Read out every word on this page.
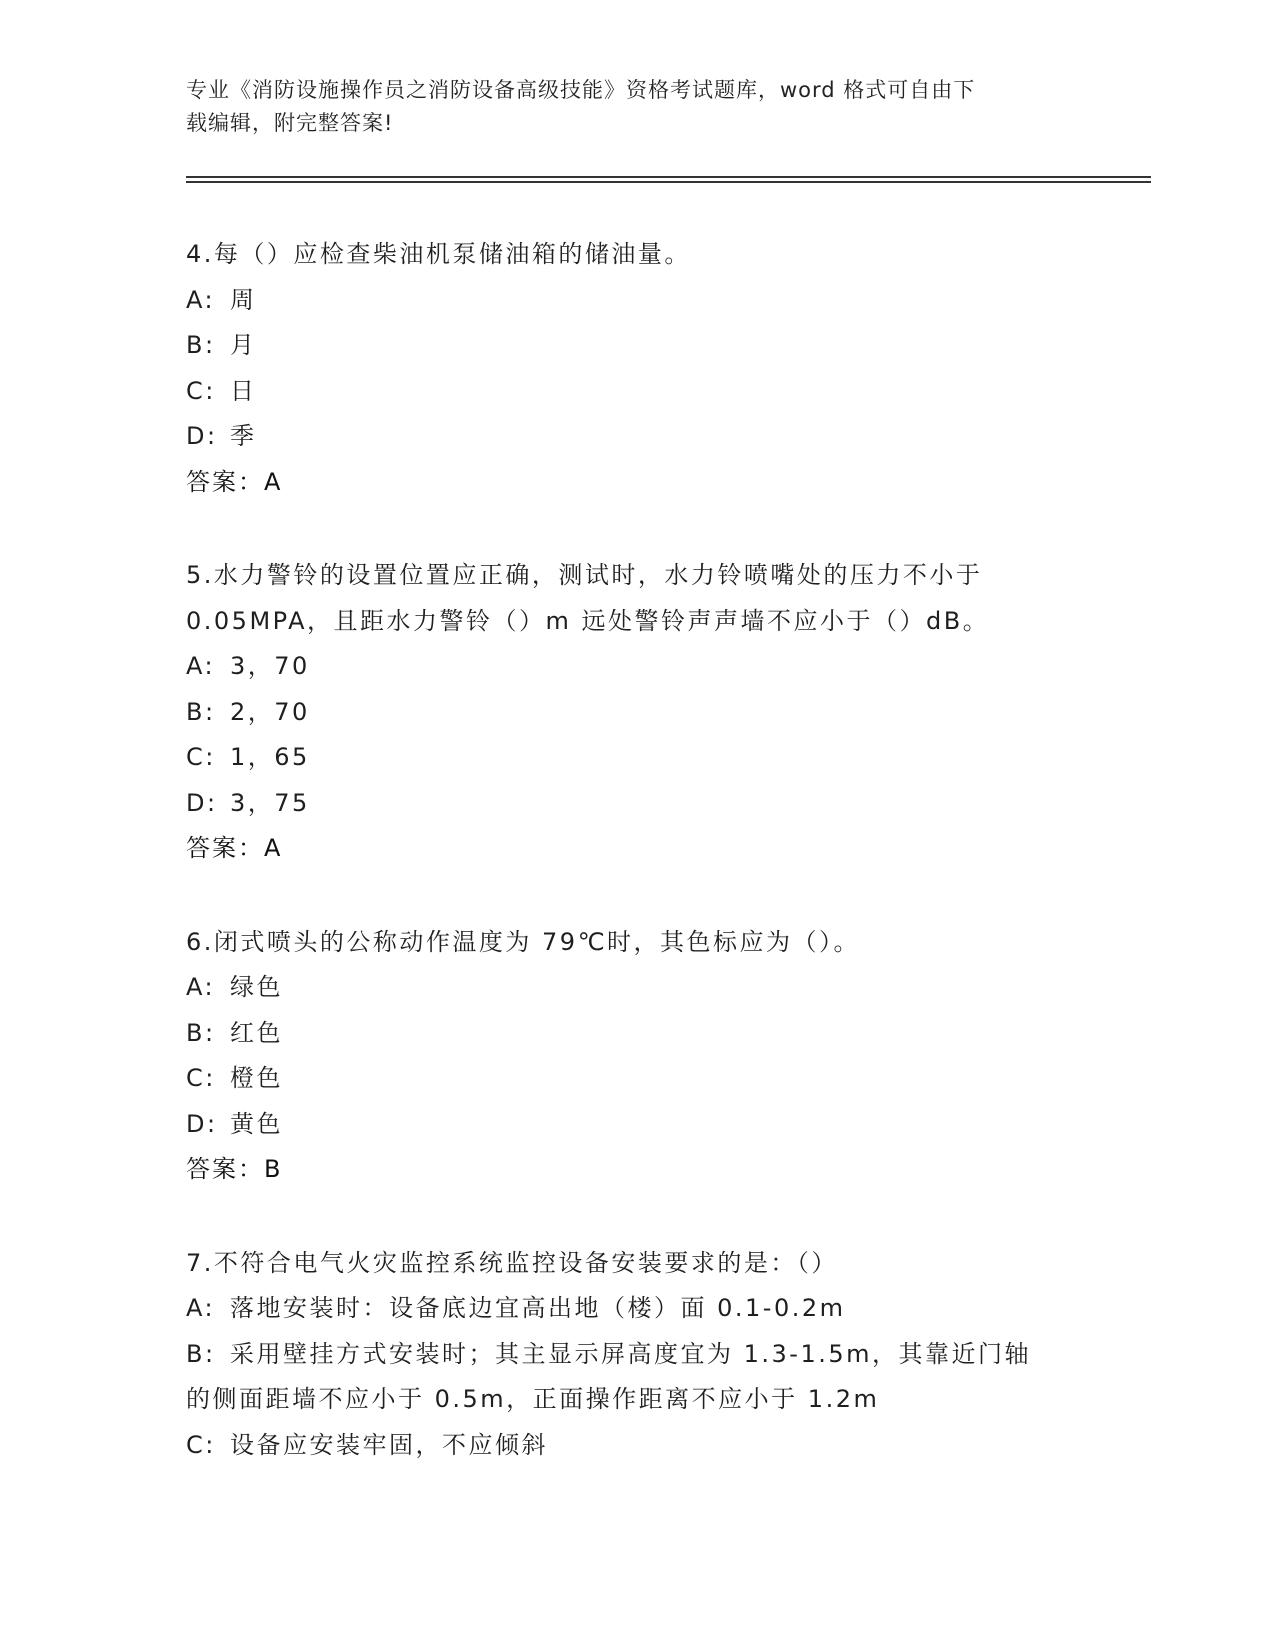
专业《消防设施操作员之消防设备高级技能》资格考试题库，word 格式可自由下
载编辑，附完整答案!
4.每（）应检查柴油机泵储油箱的储油量。
A: 周
B: 月
C: 日
D: 季
答案：A
5.水力警铃的设置位置应正确，测试时，水力铃喷嘴处的压力不小于
0.05MPA，且距水力警铃（）m 远处警铃声声墙不应小于（）dB。
A: 3，70
B: 2，70
C: 1，65
D: 3，75
答案：A
6.闭式喷头的公称动作温度为 79℃时，其色标应为（）。
A: 绿色
B: 红色
C: 橙色
D: 黄色
答案：B
7.不符合电气火灾监控系统监控设备安装要求的是：（）
A: 落地安装时：设备底边宜高出地（楼）面 0.1-0.2m
B: 采用壁挂方式安装时；其主显示屏高度宜为 1.3-1.5m，其靠近门轴
的侧面距墙不应小于 0.5m，正面操作距离不应小于 1.2m
C: 设备应安装牢固，不应倾斜
